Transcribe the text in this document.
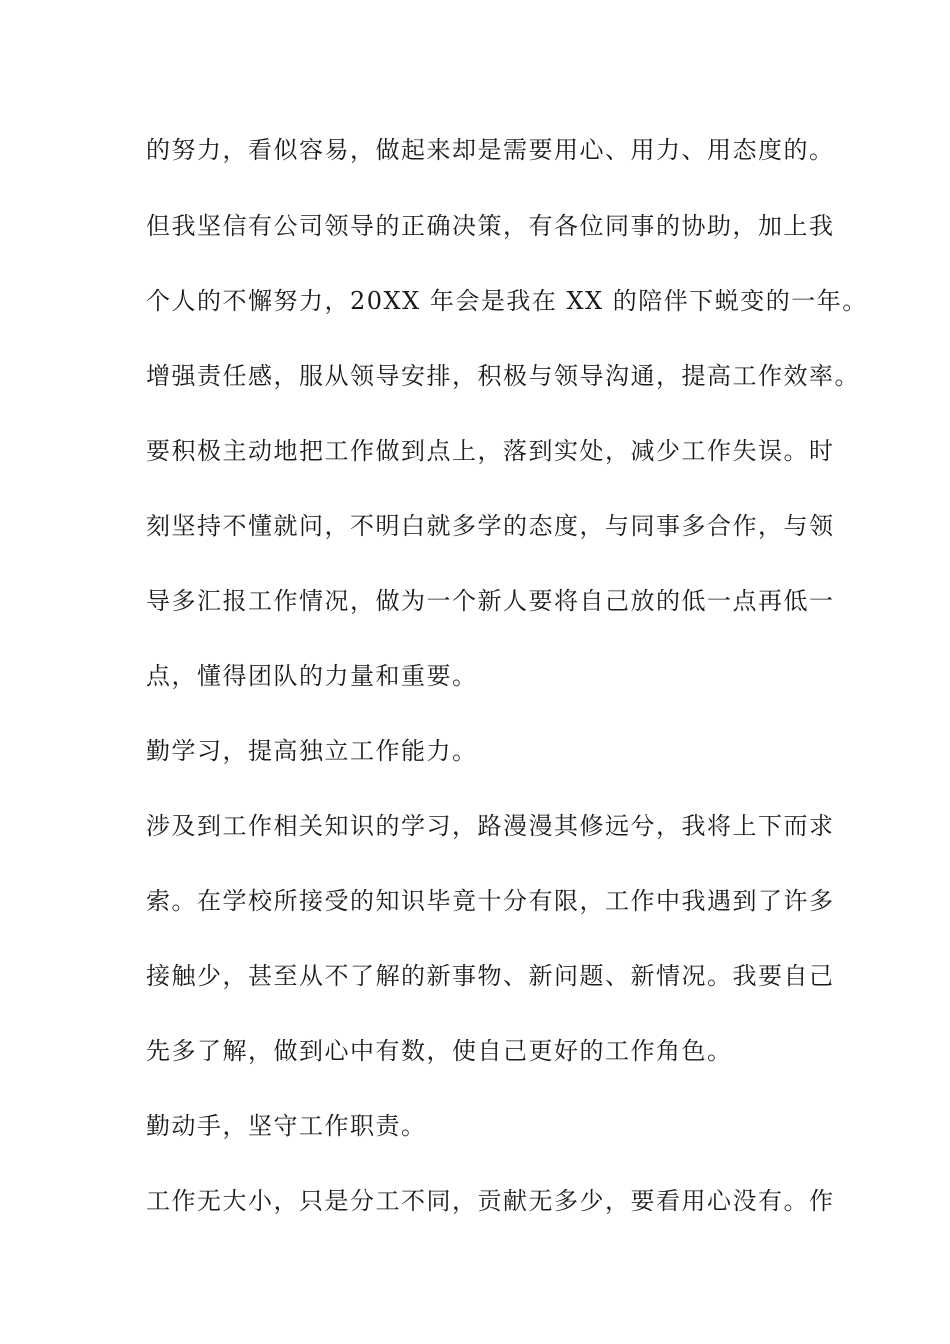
的努力，看似容易，做起来却是需要用心、用力、用态度的。
但我坚信有公司领导的正确决策，有各位同事的协助，加上我
个人的不懈努力，20XX 年会是我在 XX 的陪伴下蜕变的一年。
增强责任感，服从领导安排，积极与领导沟通，提高工作效率。
要积极主动地把工作做到点上，落到实处，减少工作失误。时
刻坚持不懂就问，不明白就多学的态度，与同事多合作，与领
导多汇报工作情况，做为一个新人要将自己放的低一点再低一
点，懂得团队的力量和重要。
勤学习，提高独立工作能力。
涉及到工作相关知识的学习，路漫漫其修远兮，我将上下而求
索。在学校所接受的知识毕竟十分有限，工作中我遇到了许多
接触少，甚至从不了解的新事物、新问题、新情况。我要自己
先多了解，做到心中有数，使自己更好的工作角色。
勤动手，坚守工作职责。
工作无大小，只是分工不同，贡献无多少，要看用心没有。作
